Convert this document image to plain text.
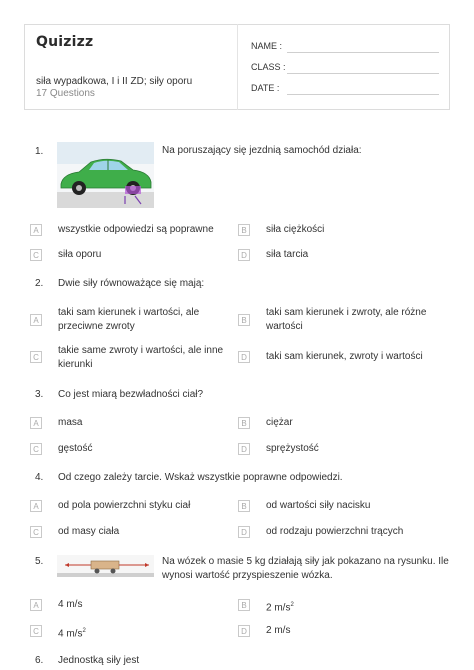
Quizizz
siła wypadkowa, I i II ZD; siły oporu
17 Questions
NAME :
CLASS :
DATE :
1.	Na poruszający się jezdnią samochód działa:
A	wszystkie odpowiedzi są poprawne	B	siła ciężkości
C	siła oporu	D	siła tarcia
2. Dwie siły równoważące się mają:
A
taki sam kierunek i wartości, ale
przeciwne zwroty
B
taki sam kierunek i zwroty, ale różne
wartości
C
takie same zwroty i wartości, ale inne
kierunki
D	taki sam kierunek, zwroty i wartości
3. Co jest miarą bezwładności ciał?
A	masa	B	ciężar
C	gęstość	D	sprężystość
4. Od czego zależy tarcie. Wskaż wszystkie poprawne odpowiedzi.
A	od pola powierzchni styku ciał	B	od wartości siły nacisku
C	od masy ciała	D	od rodzaju powierzchni trących
5.	Na wózek o masie 5 kg działają siły jak pokazano na rysunku. Ile
wynosi wartość przyspieszenie wózka.
A	4 m/s	B	2 $m/s^2$
C	4 $m/s^2$	D	2 m/s
6. Jednostką siły jest
